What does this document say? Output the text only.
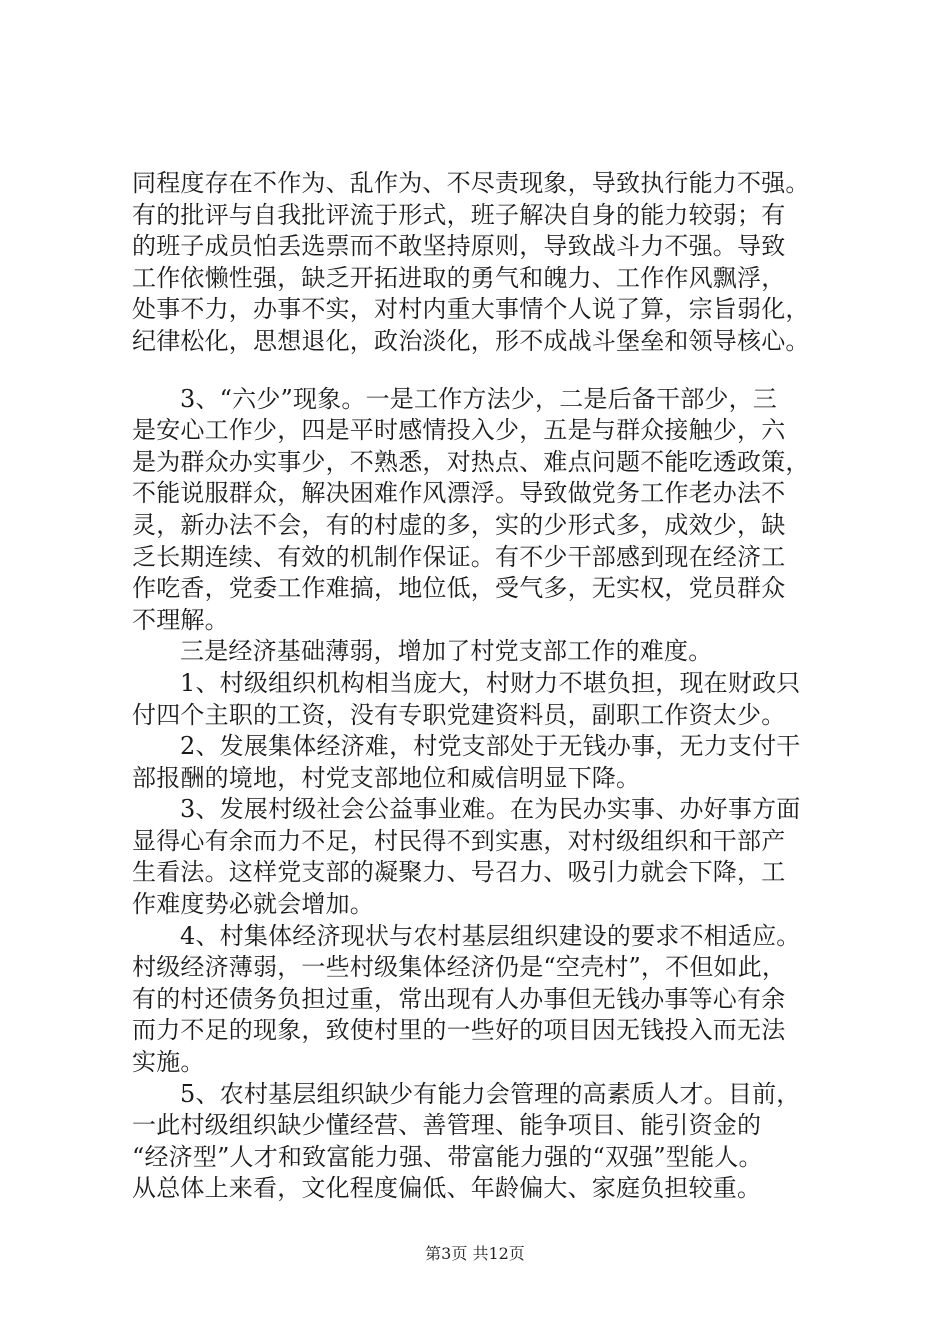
同程度存在不作为、乱作为、不尽责现象，导致执行能力不强。
有的批评与自我批评流于形式，班子解决自身的能力较弱；有
的班子成员怕丢选票而不敢坚持原则，导致战斗力不强。导致
工作依懒性强，缺乏开拓进取的勇气和魄力、工作作风飘浮，
处事不力，办事不实，对村内重大事情个人说了算，宗旨弱化，
纪律松化，思想退化，政治淡化，形不成战斗堡垒和领导核心。
3、“六少”现象。一是工作方法少，二是后备干部少，三
是安心工作少，四是平时感情投入少，五是与群众接触少，六
是为群众办实事少，不熟悉，对热点、难点问题不能吃透政策，
不能说服群众，解决困难作风漂浮。导致做党务工作老办法不
灵，新办法不会，有的村虚的多，实的少形式多，成效少，缺
乏长期连续、有效的机制作保证。有不少干部感到现在经济工
作吃香，党委工作难搞，地位低，受气多，无实权，党员群众
不理解。
三是经济基础薄弱，增加了村党支部工作的难度。
1、村级组织机构相当庞大，村财力不堪负担，现在财政只
付四个主职的工资，没有专职党建资料员，副职工作资太少。
2、发展集体经济难，村党支部处于无钱办事，无力支付干
部报酬的境地，村党支部地位和威信明显下降。
3、发展村级社会公益事业难。在为民办实事、办好事方面
显得心有余而力不足，村民得不到实惠，对村级组织和干部产
生看法。这样党支部的凝聚力、号召力、吸引力就会下降，工
作难度势必就会增加。
4、村集体经济现状与农村基层组织建设的要求不相适应。
村级经济薄弱，一些村级集体经济仍是“空壳村”，不但如此，
有的村还债务负担过重，常出现有人办事但无钱办事等心有余
而力不足的现象，致使村里的一些好的项目因无钱投入而无法
实施。
5、农村基层组织缺少有能力会管理的高素质人才。目前，
一此村级组织缺少懂经营、善管理、能争项目、能引资金的
“经济型”人才和致富能力强、带富能力强的“双强”型能人。
从总体上来看，文化程度偏低、年龄偏大、家庭负担较重。
第3页 共12页
